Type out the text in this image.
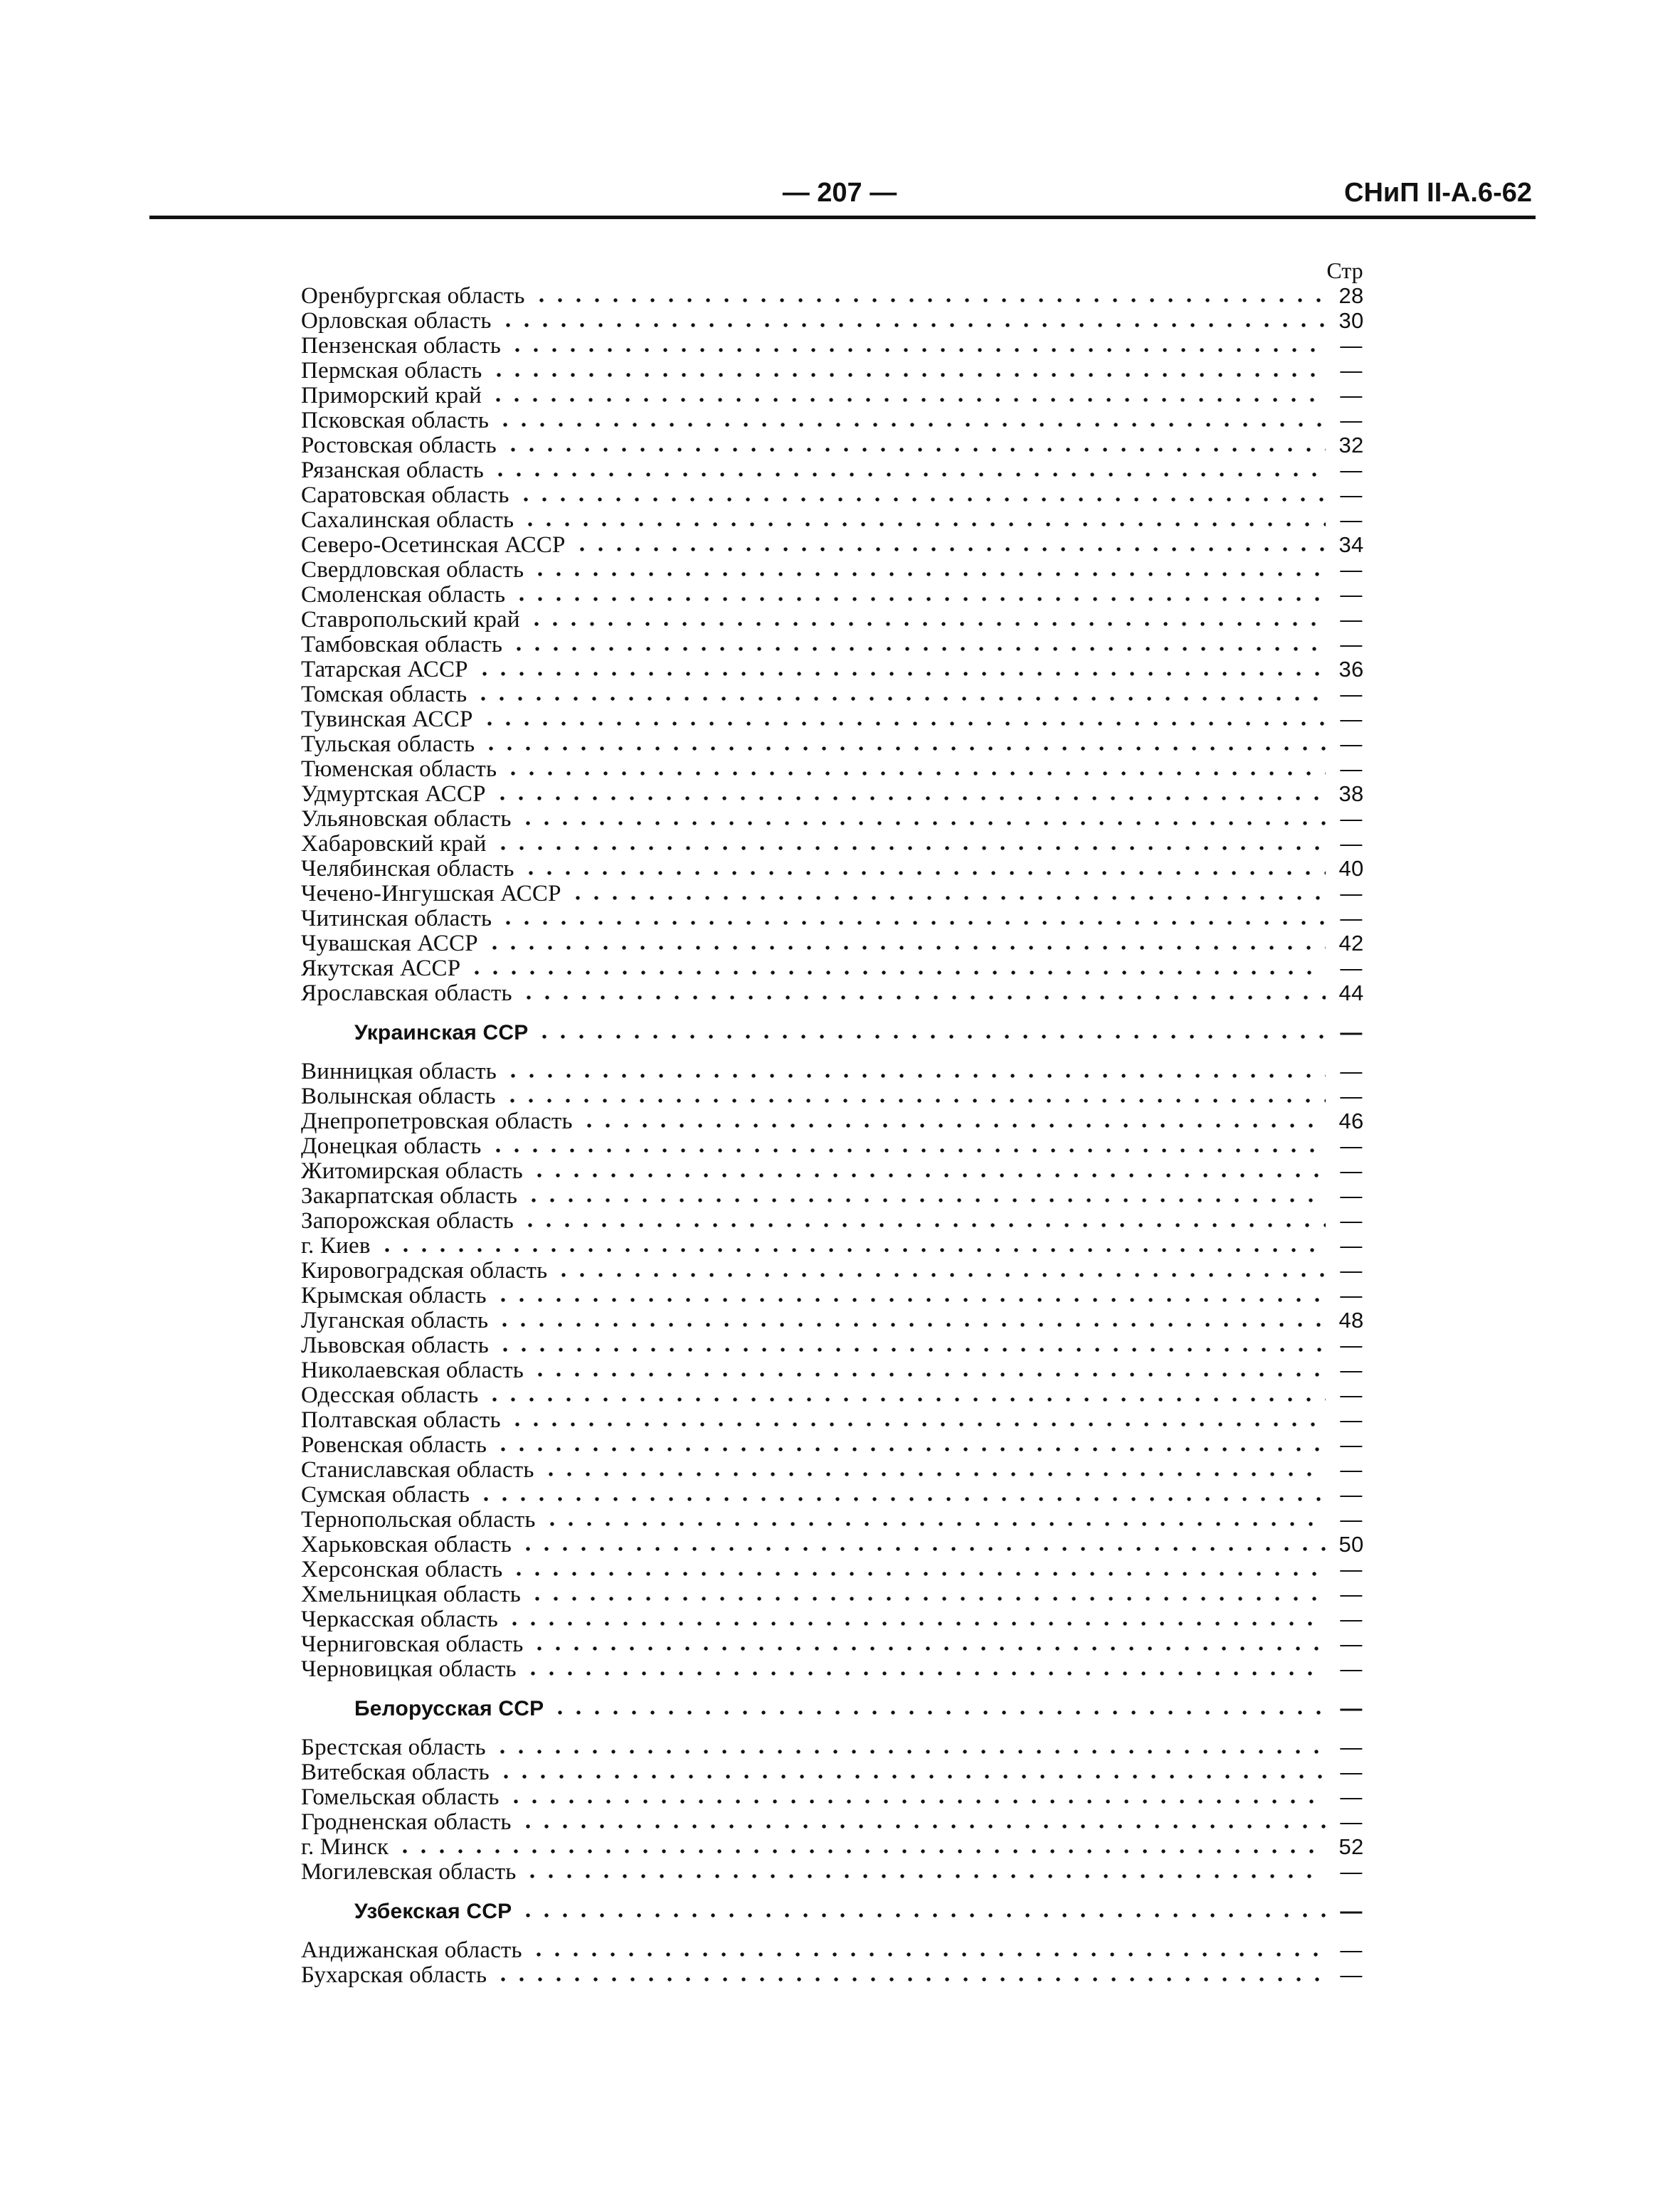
— 207 —	СНиП II-А.6-62
Стр
Оренбургская область	28
Орловская область	30
Пензенская область	—
Пермская область	—
Приморский край	—
Псковская область	—
Ростовская область	32
Рязанская область	—
Саратовская область	—
Сахалинская область	—
Северо-Осетинская АССР	34
Свердловская область	—
Смоленская область	—
Ставропольский край	—
Тамбовская область	—
Татарская АССР	36
Томская область	—
Тувинская АССР	—
Тульская область	—
Тюменская область	—
Удмуртская АССР	38
Ульяновская область	—
Хабаровский край	—
Челябинская область	40
Чечено-Ингушская АССР	—
Читинская область	—
Чувашская АССР	42
Якутская АССР	—
Ярославская область	44
Украинская ССР	—
Винницкая область	—
Волынская область	—
Днепропетровская область	46
Донецкая область	—
Житомирская область	—
Закарпатская область	—
Запорожская область	—
г. Киев	—
Кировоградская область	—
Крымская область	—
Луганская область	48
Львовская область	—
Николаевская область	—
Одесская область	—
Полтавская область	—
Ровенская область	—
Станиславская область	—
Сумская область	—
Тернопольская область	—
Харьковская область	50
Херсонская область	—
Хмельницкая область	—
Черкасская область	—
Черниговская область	—
Черновицкая область	—
Белорусская ССР	—
Брестская область	—
Витебская область	—
Гомельская область	—
Гродненская область	—
г. Минск	52
Могилевская область	—
Узбекская ССР	—
Андижанская область	—
Бухарская область	—
